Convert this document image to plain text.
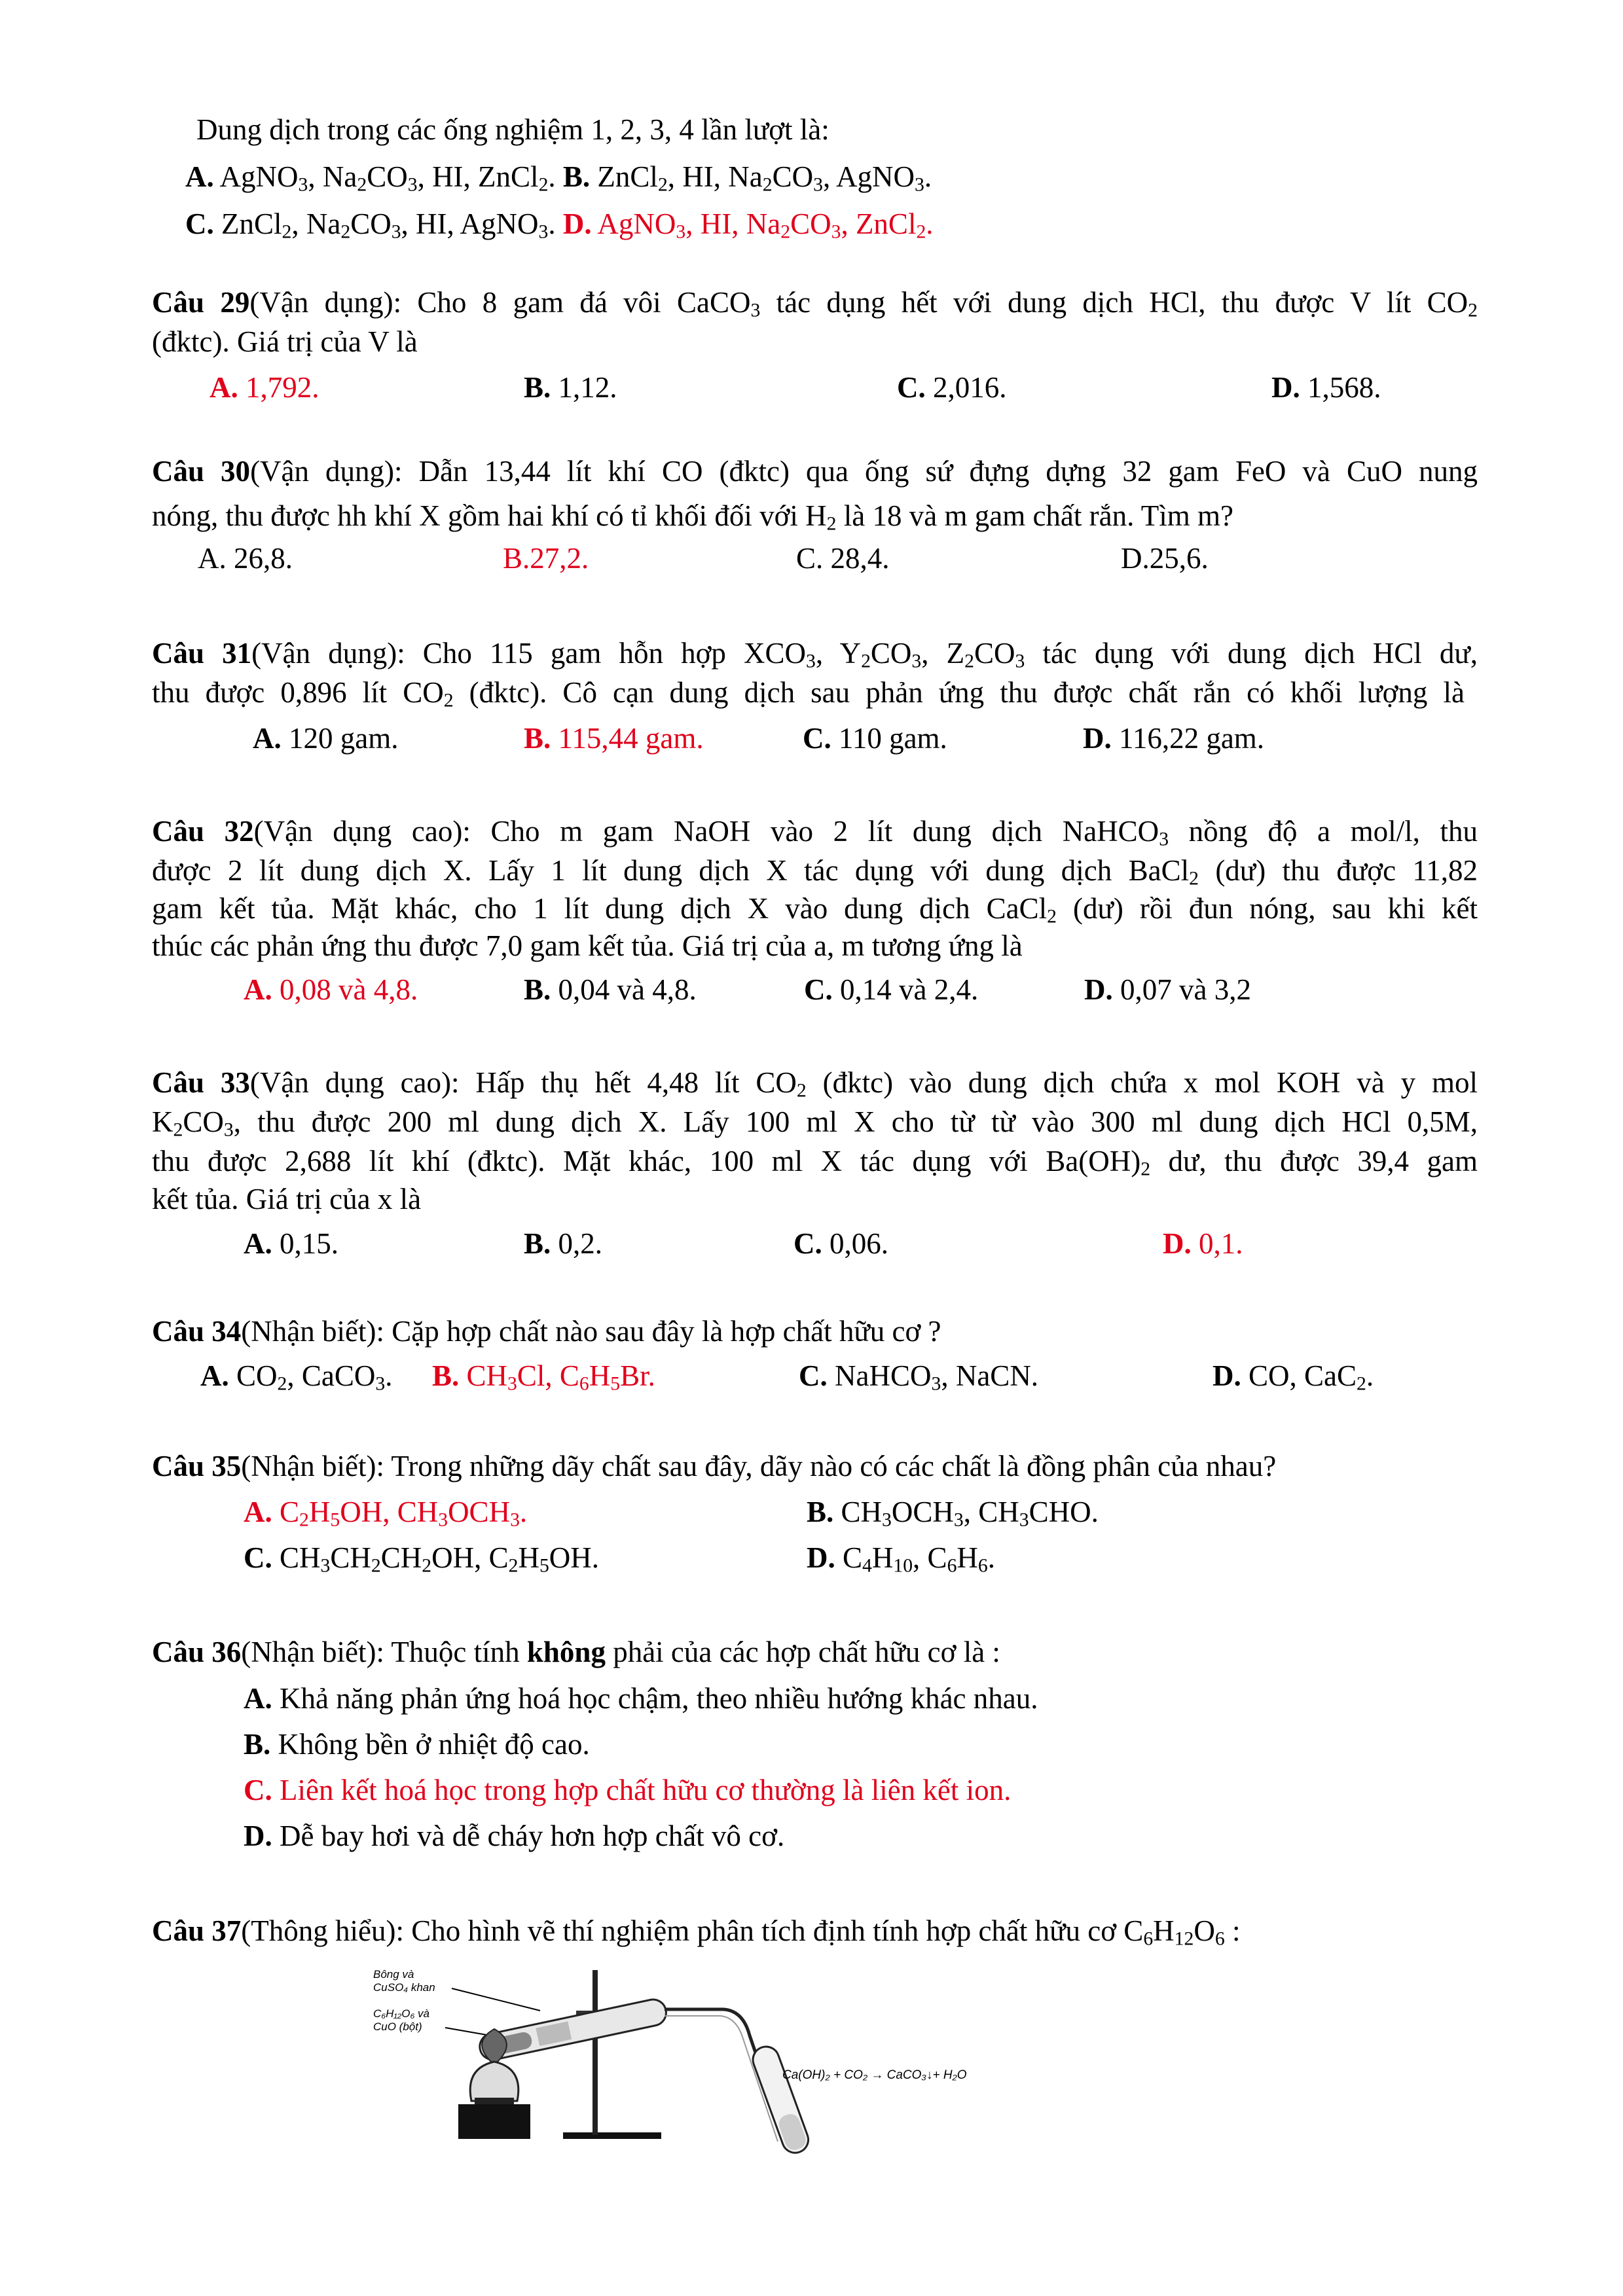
Dung dịch trong các ống nghiệm 1, 2, 3, 4 lần lượt là:
A. AgNO$_3$, $Na_2CO_3$, HI, ZnCl$_2$. B. ZnCl$_2$, HI, $Na_2CO_3$, AgNO$_3$.
C. ZnCl$_2$, $Na_2CO_3$, HI, AgNO$_3$. D. AgNO$_3$, HI, $Na_2CO_3$, ZnCl$_2$.
Câu 29(Vận dụng): Cho 8 gam đá vôi CaCO$_3$ tác dụng hết với dung dịch HCl, thu được V lít $CO_2$
(đktc). Giá trị của V là
A. 1,792.	B. 1,12.	C. 2,016.	D. 1,568.
Câu 30(Vận dụng): Dẫn 13,44 lít khí CO (đktc) qua ống sứ đựng dựng 32 gam FeO và CuO nung
nóng, thu được hh khí X gồm hai khí có tỉ khối đối với $H_2$ là 18 và m gam chất rắn. Tìm m?
A. 26,8.	B.27,2.	C. 28,4.	D.25,6.
Câu 31(Vận dụng): Cho 115 gam hỗn hợp $XCO_3$, $Y_2CO_3$, $Z_2CO_3$ tác dụng với dung dịch HCl dư,
thu được 0,896 lít $CO_2$ (đktc). Cô cạn dung dịch sau phản ứng thu được chất rắn có khối lượng là
A. 120 gam.	B. 115,44 gam.	C. 110 gam.	D. 116,22 gam.
Câu 32(Vận dụng cao): Cho m gam NaOH vào 2 lít dung dịch NaHCO$_3$ nồng độ a mol/l, thu
được 2 lít dung dịch X. Lấy 1 lít dung dịch X tác dụng với dung dịch BaCl$_2$ (dư) thu được 11,82
gam kết tủa. Mặt khác, cho 1 lít dung dịch X vào dung dịch CaCl$_2$ (dư) rồi đun nóng, sau khi kết
thúc các phản ứng thu được 7,0 gam kết tủa. Giá trị của a, m tương ứng là
A. 0,08 và 4,8.	B. 0,04 và 4,8.	C. 0,14 và 2,4.	D. 0,07 và 3,2
Câu 33(Vận dụng cao): Hấp thụ hết 4,48 lít $CO_2$ (đktc) vào dung dịch chứa x mol KOH và y mol
$K_2CO_3$, thu được 200 ml dung dịch X. Lấy 100 ml X cho từ từ vào 300 ml dung dịch HCl 0,5M,
thu được 2,688 lít khí (đktc). Mặt khác, 100 ml X tác dụng với $Ba(OH)_2$ dư, thu được 39,4 gam
kết tủa. Giá trị của x là
A. 0,15.	B. 0,2.	C. 0,06.	D. 0,1.
Câu 34(Nhận biết): Cặp hợp chất nào sau đây là hợp chất hữu cơ ?
A. $CO_2$, CaCO$_3$. B. $CH_3Cl$, $C_6H_5Br$.	C. NaHCO$_3$, NaCN.	D. CO, CaC$_2$.
Câu 35(Nhận biết): Trong những dãy chất sau đây, dãy nào có các chất là đồng phân của nhau?
A. $C_2H_5OH$, $CH_3OCH_3$.	B. $CH_3OCH_3$, $CH_3CHO$.
C. $CH_3CH_2CH_2OH$, $C_2H_5OH$.	D. $C_4H_{10}$, $C_6H_6$.
Câu 36(Nhận biết): Thuộc tính không phải của các hợp chất hữu cơ là :
A. Khả năng phản ứng hoá học chậm, theo nhiều hướng khác nhau.
B. Không bền ở nhiệt độ cao.
C. Liên kết hoá học trong hợp chất hữu cơ thường là liên kết ion.
D. Dễ bay hơi và dễ cháy hơn hợp chất vô cơ.
Câu 37(Thông hiểu): Cho hình vẽ thí nghiệm phân tích định tính hợp chất hữu cơ $C_6H_{12}O_6$ :
Bông và
CuSO₄ khan
C₆H₁₂O₆ và
CuO (bột)
Ca(OH)₂ + CO₂ → CaCO₃↓+ H₂O
